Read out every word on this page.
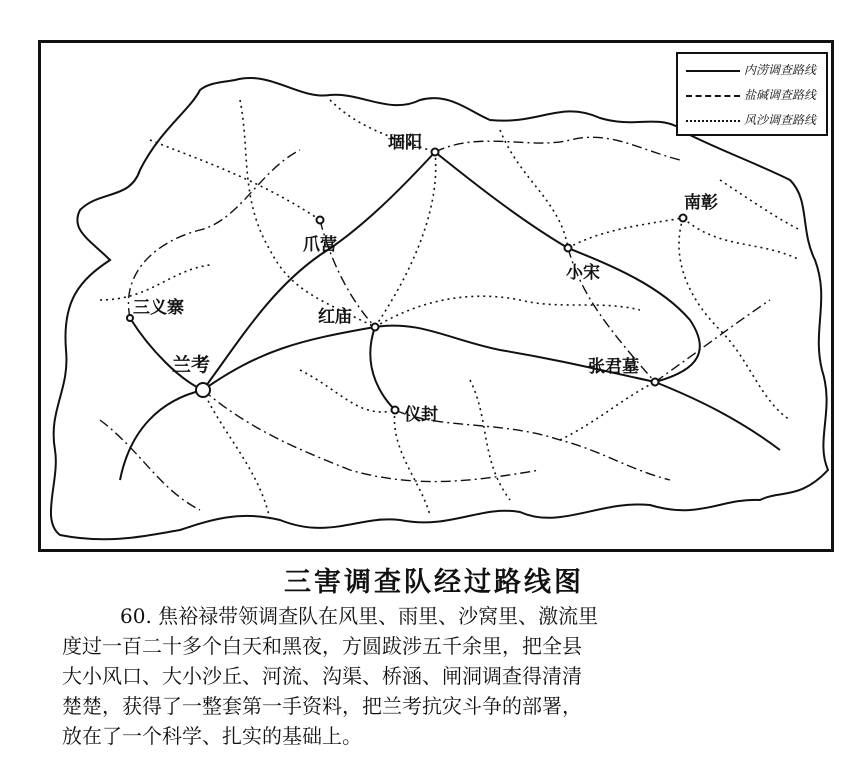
三义寨
兰考
堌阳
爪营
红庙
仪封
小宋
南彰
张君墓
内涝调查路线
盐碱调查路线
风沙调查路线
三害调查队经过路线图
60. 焦裕禄带领调查队在风里、雨里、沙窝里、激流里
度过一百二十多个白天和黑夜，方圆跋涉五千余里，把全县
大小风口、大小沙丘、河流、沟渠、桥涵、闸洞调查得清清
楚楚，获得了一整套第一手资料，把兰考抗灾斗争的部署，
放在了一个科学、扎实的基础上。
